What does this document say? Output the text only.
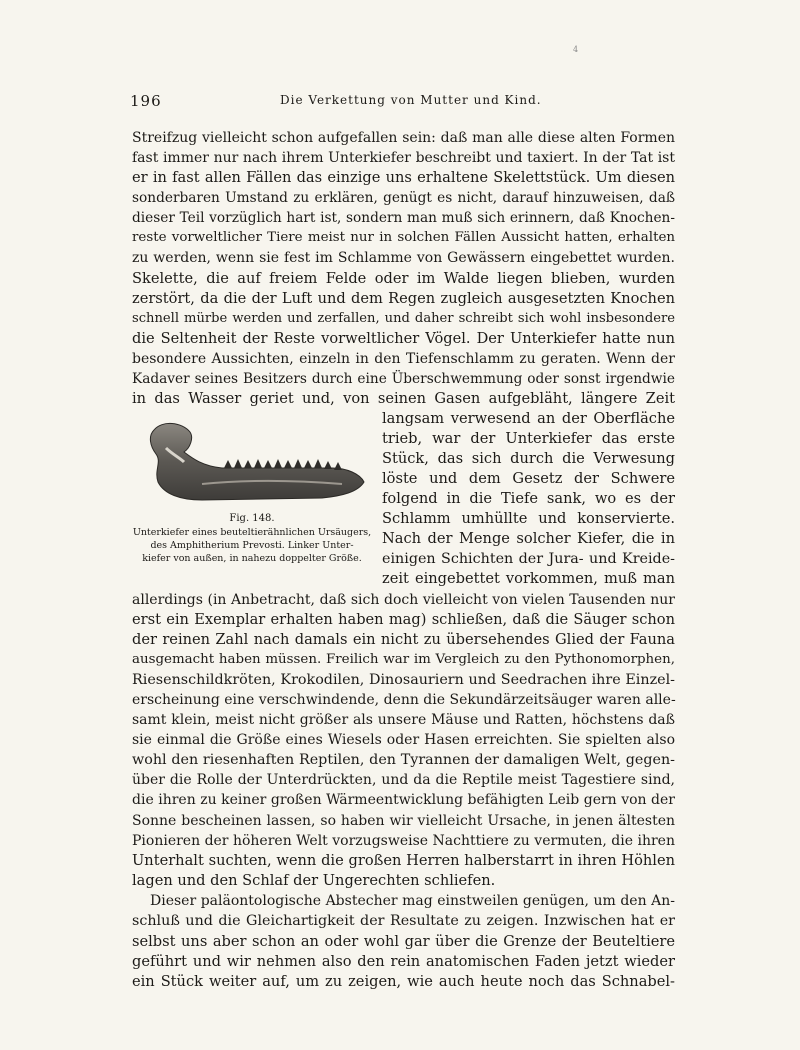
4
196	Die Verkettung von Mutter und Kind.
Streifzug vielleicht schon aufgefallen sein: daß man alle diese alten Formen
fast immer nur nach ihrem Unterkiefer beschreibt und taxiert. In der Tat ist
er in fast allen Fällen das einzige uns erhaltene Skelettstück. Um diesen
sonderbaren Umstand zu erklären, genügt es nicht, darauf hinzuweisen, daß
dieser Teil vorzüglich hart ist, sondern man muß sich erinnern, daß Knochen-
reste vorweltlicher Tiere meist nur in solchen Fällen Aussicht hatten, erhalten
zu werden, wenn sie fest im Schlamme von Gewässern eingebettet wurden.
Skelette, die auf freiem Felde oder im Walde liegen blieben, wurden
zerstört, da die der Luft und dem Regen zugleich ausgesetzten Knochen
schnell mürbe werden und zerfallen, und daher schreibt sich wohl insbesondere
die Seltenheit der Reste vorweltlicher Vögel. Der Unterkiefer hatte nun
besondere Aussichten, einzeln in den Tiefenschlamm zu geraten. Wenn der
Kadaver seines Besitzers durch eine Überschwemmung oder sonst irgendwie
in das Wasser geriet und, von seinen Gasen aufgebläht, längere Zeit
Fig. 148.
Unterkiefer eines beuteltierähnlichen Ursäugers,
des Amphitherium Prevosti. Linker Unter-
kiefer von außen, in nahezu doppelter Größe.
langsam verwesend an der Oberfläche
trieb, war der Unterkiefer das erste
Stück, das sich durch die Verwesung
löste und dem Gesetz der Schwere
folgend in die Tiefe sank, wo es der
Schlamm umhüllte und konservierte.
Nach der Menge solcher Kiefer, die in
einigen Schichten der Jura- und Kreide-
zeit eingebettet vorkommen, muß man
allerdings (in Anbetracht, daß sich doch vielleicht von vielen Tausenden nur
erst ein Exemplar erhalten haben mag) schließen, daß die Säuger schon
der reinen Zahl nach damals ein nicht zu übersehendes Glied der Fauna
ausgemacht haben müssen. Freilich war im Vergleich zu den Pythonomorphen,
Riesenschildkröten, Krokodilen, Dinosauriern und Seedrachen ihre Einzel-
erscheinung eine verschwindende, denn die Sekundärzeitsäuger waren alle-
samt klein, meist nicht größer als unsere Mäuse und Ratten, höchstens daß
sie einmal die Größe eines Wiesels oder Hasen erreichten. Sie spielten also
wohl den riesenhaften Reptilen, den Tyrannen der damaligen Welt, gegen-
über die Rolle der Unterdrückten, und da die Reptile meist Tagestiere sind,
die ihren zu keiner großen Wärmeentwicklung befähigten Leib gern von der
Sonne bescheinen lassen, so haben wir vielleicht Ursache, in jenen ältesten
Pionieren der höheren Welt vorzugsweise Nachttiere zu vermuten, die ihren
Unterhalt suchten, wenn die großen Herren halberstarrt in ihren Höhlen
lagen und den Schlaf der Ungerechten schliefen.
Dieser paläontologische Abstecher mag einstweilen genügen, um den An-
schluß und die Gleichartigkeit der Resultate zu zeigen. Inzwischen hat er
selbst uns aber schon an oder wohl gar über die Grenze der Beuteltiere
geführt und wir nehmen also den rein anatomischen Faden jetzt wieder
ein Stück weiter auf, um zu zeigen, wie auch heute noch das Schnabel-
